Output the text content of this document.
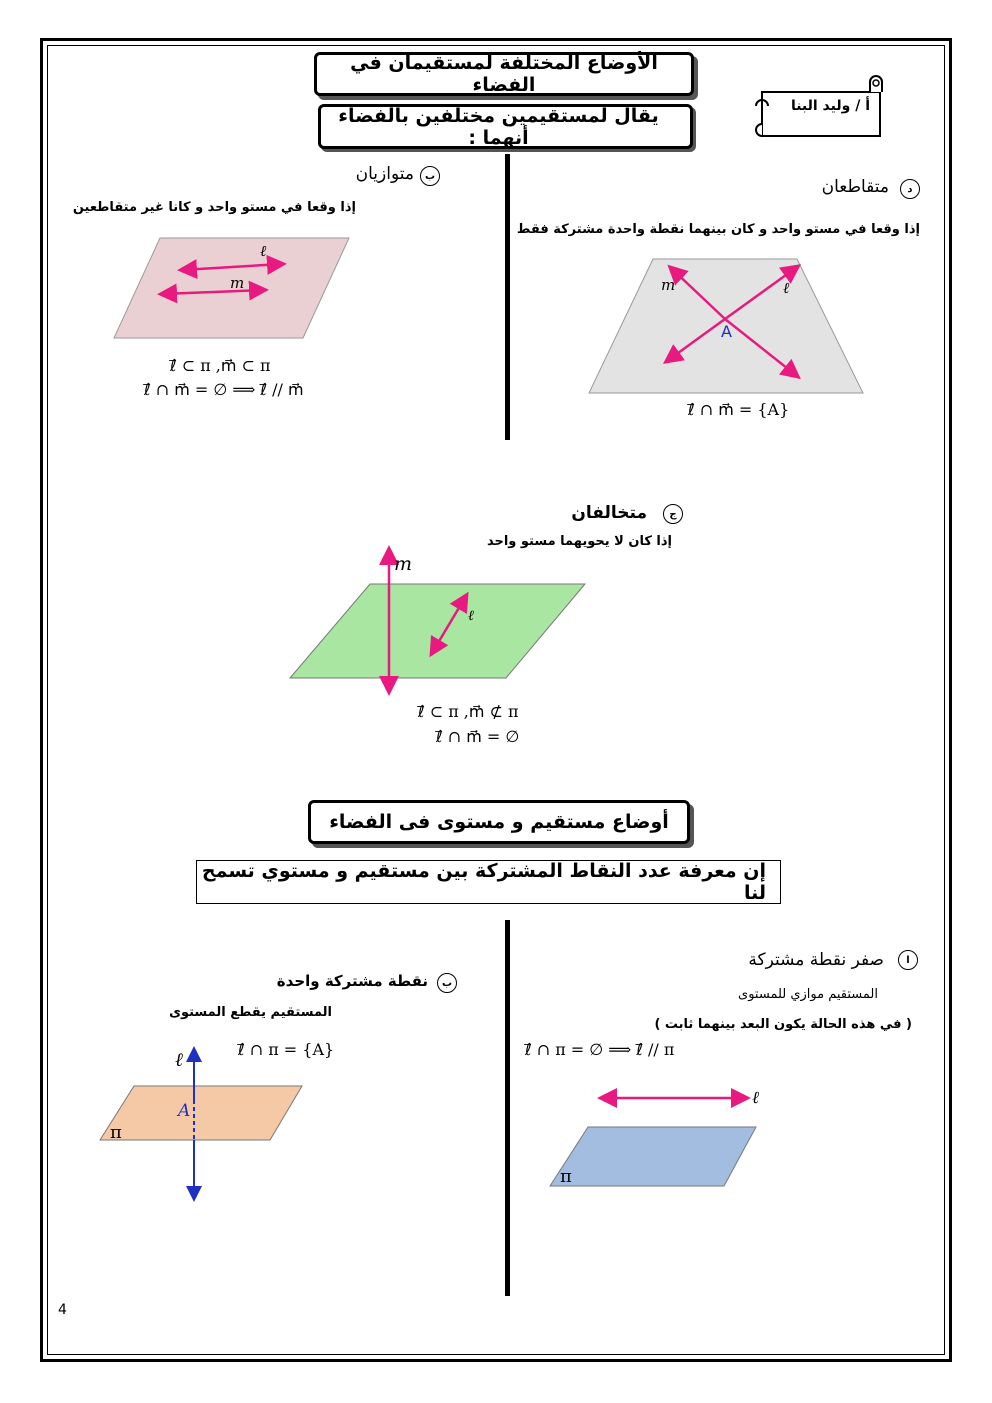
الأوضاع المختلفة لمستقيمان في الفضاء
يقال لمستقيمين مختلفين بالفضاء أنهما :
أ / وليد البنا
د
متقاطعان
إذا وقعا في مستو واحد و كان بينهما نقطة واحدة مشتركة فقط
m	ℓ
A
ℓ⃗ ∩ m⃗ = {A}
ب
متوازيان
إذا وقعا في مستو واحد و كانا غير متقاطعين
ℓ
m
ℓ⃗ ⊂ π ,m⃗ ⊂ π
ℓ⃗ ∩ m⃗ = ∅ ⟹ ℓ⃗ // m⃗
ج
متخالفان
إذا كان لا يحويهما مستو واحد
m
ℓ
ℓ⃗ ⊂ π ,m⃗ ⊄ π
ℓ⃗ ∩ m⃗ = ∅
أوضاع مستقيم و مستوى فى الفضاء
إن معرفة عدد النقاط المشتركة بين مستقيم و مستوي تسمح لنا
ا
صفر نقطة مشتركة
المستقيم موازي للمستوى
( في هذه الحالة يكون البعد بينهما ثابت )
ℓ⃗ ∩ π = ∅ ⟹ ℓ⃗ // π
ℓ
π
ب
نقطة مشتركة واحدة
المستقيم يقطع المستوى
ℓ⃗ ∩ π = {A}
ℓ
A
π
4
